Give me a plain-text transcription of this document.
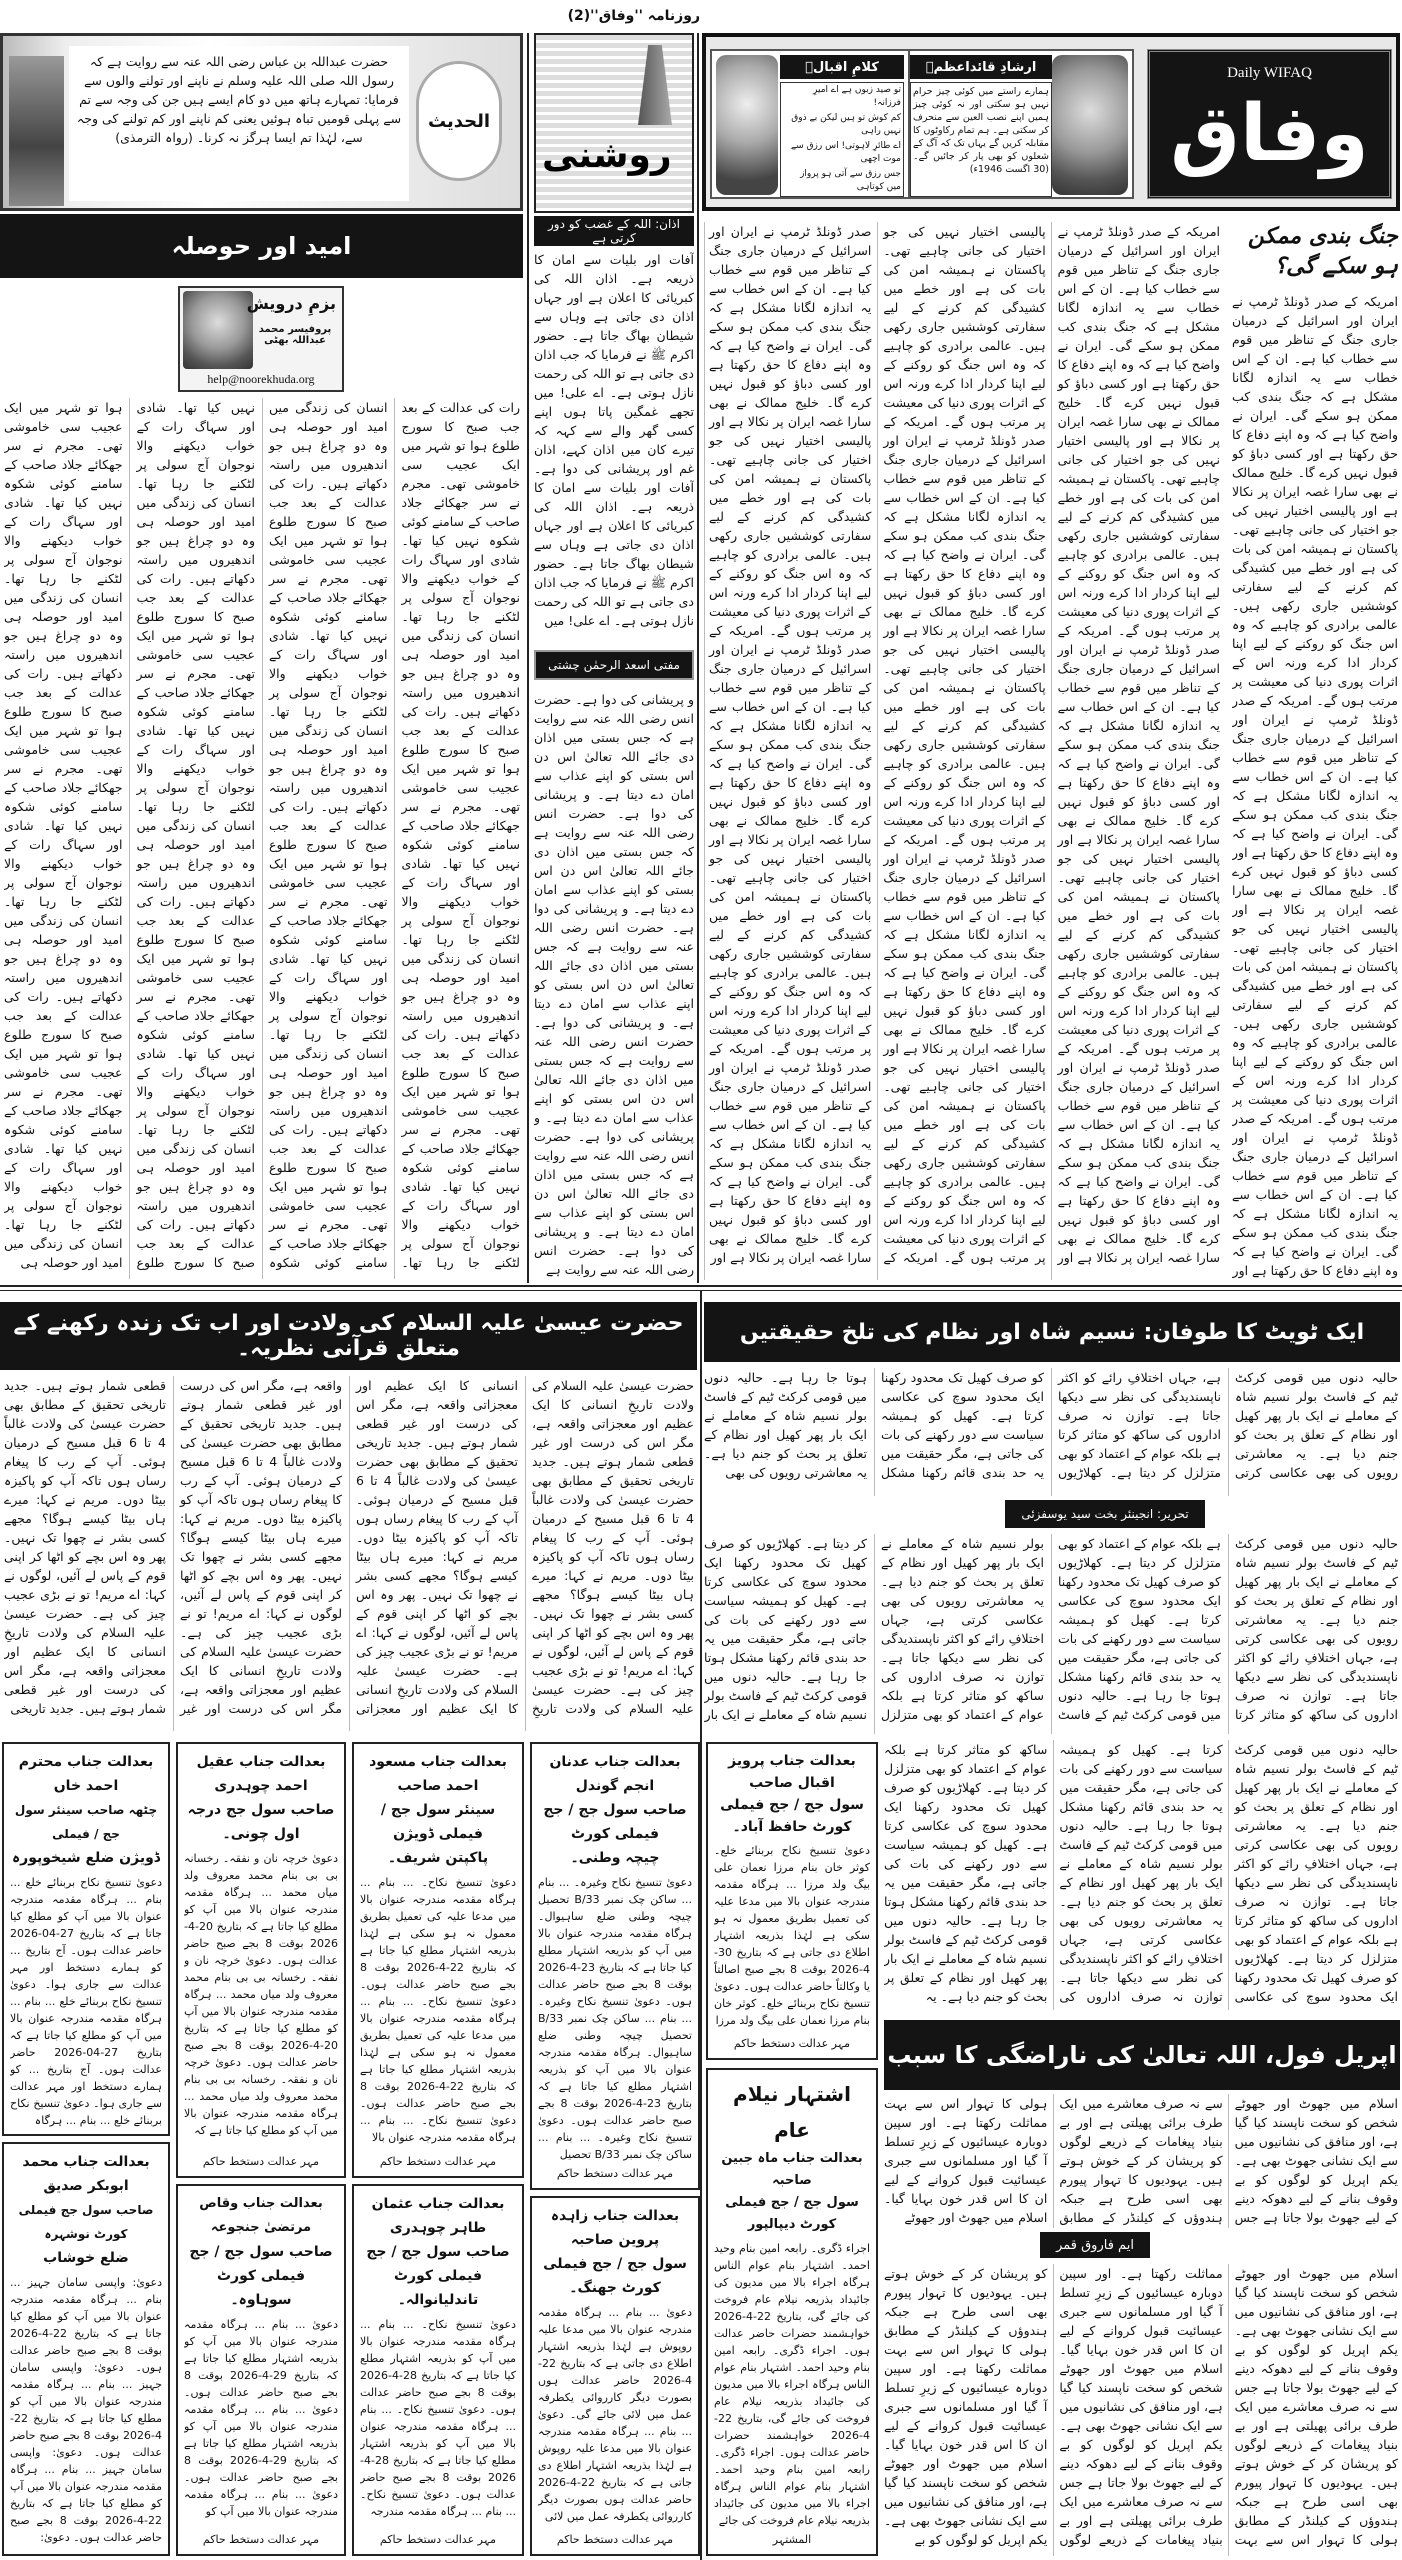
روزنامہ ''وفاق''(2)
Daily WIFAQ
وفاق
ارشادِ قائداعظمؒ
ہمارے راستے میں کوئی چیز حرام نہیں ہو سکتی اور نہ کوئی چیز ہمیں اپنے نصب العین سے منحرف کر سکتی ہے۔ ہم تمام رکاوٹوں کا مقابلہ کریں گے یہاں تک کہ آگ کے شعلوں کو بھی پار کر جائیں گے۔ (30 اگست 1946ء)
کلامِ اقبالؒ
تو صید زبوں ہے اے امیرِ فرزانہ!
کم کوش تو ہیں لیکن بے ذوق نہیں راہی
اے طائرِ لاہوتی! اس رزق سے موت اچھی
جس رزق سے آتی ہو پرواز میں کوتاہی
الحدیث
حضرت عبداللہ بن عباس رضی اللہ عنہ سے روایت ہے کہ رسول اللہ صلی اللہ علیہ وسلم نے ناپنے اور تولنے والوں سے فرمایا: تمہارے ہاتھ میں دو کام ایسے ہیں جن کی وجہ سے تم سے پہلی قومیں تباہ ہوئیں یعنی کم ناپنے اور کم تولنے کی وجہ سے، لہٰذا تم ایسا ہرگز نہ کرنا۔ (رواہ الترمذی)	روشنی
اذان: اللہ کے غضب کو دور کرتی ہے
آفات اور بلیات سے امان کا ذریعہ ہے۔ اذان اللہ کی کبریائی کا اعلان ہے اور جہاں اذان دی جاتی ہے وہاں سے شیطان بھاگ جاتا ہے۔ حضور اکرم ﷺ نے فرمایا کہ جب اذان دی جاتی ہے تو اللہ کی رحمت نازل ہوتی ہے۔ اے علی! میں تجھے غمگین پاتا ہوں اپنے کسی گھر والے سے کہہ کہ تیرے کان میں اذان کہے، اذان غم اور پریشانی کی دوا ہے۔ آفات اور بلیات سے امان کا ذریعہ ہے۔ اذان اللہ کی کبریائی کا اعلان ہے اور جہاں اذان دی جاتی ہے وہاں سے شیطان بھاگ جاتا ہے۔ حضور اکرم ﷺ نے فرمایا کہ جب اذان دی جاتی ہے تو اللہ کی رحمت نازل ہوتی ہے۔ اے علی! میں
مفتی اسعد الرحمٰن چشتی
و پریشانی کی دوا ہے۔ حضرت انس رضی اللہ عنہ سے روایت ہے کہ جس بستی میں اذان دی جائے اللہ تعالیٰ اس دن اس بستی کو اپنے عذاب سے امان دے دیتا ہے۔ و پریشانی کی دوا ہے۔ حضرت انس رضی اللہ عنہ سے روایت ہے کہ جس بستی میں اذان دی جائے اللہ تعالیٰ اس دن اس بستی کو اپنے عذاب سے امان دے دیتا ہے۔ و پریشانی کی دوا ہے۔ حضرت انس رضی اللہ عنہ سے روایت ہے کہ جس بستی میں اذان دی جائے اللہ تعالیٰ اس دن اس بستی کو اپنے عذاب سے امان دے دیتا ہے۔ و پریشانی کی دوا ہے۔ حضرت انس رضی اللہ عنہ سے روایت ہے کہ جس بستی میں اذان دی جائے اللہ تعالیٰ اس دن اس بستی کو اپنے عذاب سے امان دے دیتا ہے۔ و پریشانی کی دوا ہے۔ حضرت انس رضی اللہ عنہ سے روایت ہے کہ جس بستی میں اذان دی جائے اللہ تعالیٰ اس دن اس بستی کو اپنے عذاب سے امان دے دیتا ہے۔ و پریشانی کی دوا ہے۔ حضرت انس رضی اللہ عنہ سے روایت ہے
امید اور حوصلہ
بزمِ درویش
پروفیسر محمد عبداللہ بھٹی
help@noorekhuda.org
رات کی عدالت کے بعد جب صبح کا سورج طلوع ہوا تو شہر میں ایک عجیب سی خاموشی تھی۔ مجرم نے سر جھکائے جلاد صاحب کے سامنے کوئی شکوہ نہیں کیا تھا۔ شادی اور سہاگ رات کے خواب دیکھنے والا نوجوان آج سولی پر لٹکنے جا رہا تھا۔ انسان کی زندگی میں امید اور حوصلہ ہی وہ دو چراغ ہیں جو اندھیروں میں راستہ دکھاتے ہیں۔ رات کی عدالت کے بعد جب صبح کا سورج طلوع ہوا تو شہر میں ایک عجیب سی خاموشی تھی۔ مجرم نے سر جھکائے جلاد صاحب کے سامنے کوئی شکوہ نہیں کیا تھا۔ شادی اور سہاگ رات کے خواب دیکھنے والا نوجوان آج سولی پر لٹکنے جا رہا تھا۔ انسان کی زندگی میں امید اور حوصلہ ہی وہ دو چراغ ہیں جو اندھیروں میں راستہ دکھاتے ہیں۔ رات کی عدالت کے بعد جب صبح کا سورج طلوع ہوا تو شہر میں ایک عجیب سی خاموشی تھی۔ مجرم نے سر جھکائے جلاد صاحب کے سامنے کوئی شکوہ نہیں کیا تھا۔ شادی اور سہاگ رات کے خواب دیکھنے والا نوجوان آج سولی پر لٹکنے جا رہا تھا۔ انسان کی زندگی میں امید اور حوصلہ ہی وہ دو چراغ ہیں جو اندھیروں میں راستہ دکھاتے ہیں۔ رات کی عدالت کے بعد جب صبح کا سورج طلوع ہوا تو شہر میں ایک عجیب سی خاموشی تھی۔ مجرم نے سر جھکائے جلاد صاحب کے سامنے کوئی شکوہ نہیں کیا تھا۔ شادی اور سہاگ رات کے خواب دیکھنے والا نوجوان آج سولی پر لٹکنے جا رہا تھا۔ انسان کی زندگی میں امید اور حوصلہ ہی وہ دو چراغ ہیں جو اندھیروں میں راستہ دکھاتے ہیں۔ رات کی عدالت کے بعد جب صبح کا سورج طلوع ہوا تو شہر میں ایک عجیب سی خاموشی تھی۔ مجرم نے سر جھکائے جلاد صاحب کے سامنے کوئی شکوہ نہیں کیا تھا۔ شادی اور سہاگ رات کے خواب دیکھنے والا نوجوان آج سولی پر لٹکنے جا رہا تھا۔ انسان کی زندگی میں امید اور حوصلہ ہی وہ دو چراغ ہیں جو اندھیروں میں راستہ دکھاتے ہیں۔ رات کی عدالت کے بعد جب صبح کا سورج طلوع ہوا تو شہر میں ایک عجیب سی خاموشی تھی۔ مجرم نے سر جھکائے جلاد صاحب کے سامنے کوئی شکوہ نہیں کیا تھا۔ شادی اور سہاگ رات کے خواب دیکھنے والا نوجوان آج سولی پر لٹکنے جا رہا تھا۔ انسان کی زندگی میں امید اور حوصلہ ہی وہ دو چراغ ہیں جو اندھیروں میں راستہ دکھاتے ہیں۔ رات کی عدالت کے بعد جب صبح کا سورج طلوع ہوا تو شہر میں ایک عجیب سی خاموشی تھی۔ مجرم نے سر جھکائے جلاد صاحب کے سامنے کوئی شکوہ نہیں کیا تھا۔ شادی اور سہاگ رات کے خواب دیکھنے والا نوجوان آج سولی پر لٹکنے جا رہا تھا۔ انسان کی زندگی میں امید اور حوصلہ ہی وہ دو چراغ ہیں جو اندھیروں میں راستہ دکھاتے ہیں۔ رات کی عدالت کے بعد جب صبح کا سورج طلوع ہوا تو شہر میں ایک عجیب سی خاموشی تھی۔ مجرم نے سر جھکائے جلاد صاحب کے سامنے کوئی شکوہ نہیں کیا تھا۔ شادی اور سہاگ رات کے خواب دیکھنے والا نوجوان آج سولی پر لٹکنے جا رہا تھا۔ انسان کی زندگی میں امید اور حوصلہ ہی وہ دو چراغ ہیں جو اندھیروں میں راستہ دکھاتے ہیں۔ رات کی عدالت کے بعد جب صبح کا سورج طلوع ہوا تو شہر میں ایک عجیب سی خاموشی تھی۔ مجرم نے سر جھکائے جلاد صاحب کے سامنے کوئی شکوہ نہیں کیا تھا۔ شادی اور سہاگ رات کے خواب دیکھنے والا نوجوان آج سولی پر لٹکنے جا رہا تھا۔ انسان کی زندگی میں امید اور حوصلہ ہی وہ دو چراغ ہیں جو اندھیروں میں راستہ دکھاتے ہیں۔ رات کی عدالت کے بعد جب صبح کا سورج طلوع ہوا تو شہر میں ایک عجیب سی خاموشی تھی۔ مجرم نے سر جھکائے جلاد صاحب کے سامنے کوئی شکوہ نہیں کیا تھا۔ شادی اور سہاگ رات کے خواب دیکھنے والا نوجوان آج سولی پر لٹکنے جا رہا تھا۔ انسان کی زندگی میں امید اور حوصلہ ہی وہ دو چراغ ہیں جو اندھیروں میں راستہ دکھاتے ہیں۔ رات کی عدالت کے بعد جب صبح کا سورج طلوع ہوا تو شہر میں ایک عجیب سی خاموشی تھی۔ مجرم نے سر جھکائے جلاد صاحب کے سامنے کوئی شکوہ نہیں کیا تھا۔ شادی اور سہاگ رات کے خواب دیکھنے والا نوجوان آج سولی پر لٹکنے جا رہا تھا۔ انسان کی زندگی میں امید اور حوصلہ ہی
جنگ بندی ممکن ہو سکے گی؟
امریکہ کے صدر ڈونلڈ ٹرمپ نے ایران اور اسرائیل کے درمیان جاری جنگ کے تناظر میں قوم سے خطاب کیا ہے۔ ان کے اس خطاب سے یہ اندازہ لگانا مشکل ہے کہ جنگ بندی کب ممکن ہو سکے گی۔ ایران نے واضح کیا ہے کہ وہ اپنے دفاع کا حق رکھتا ہے اور کسی دباؤ کو قبول نہیں کرے گا۔ خلیج ممالک نے بھی سارا غصہ ایران پر نکالا ہے اور پالیسی اختیار نہیں کی جو اختیار کی جانی چاہیے تھی۔ پاکستان نے ہمیشہ امن کی بات کی ہے اور خطے میں کشیدگی کم کرنے کے لیے سفارتی کوششیں جاری رکھی ہیں۔ عالمی برادری کو چاہیے کہ وہ اس جنگ کو روکنے کے لیے اپنا کردار ادا کرے ورنہ اس کے اثرات پوری دنیا کی معیشت پر مرتب ہوں گے۔ امریکہ کے صدر ڈونلڈ ٹرمپ نے ایران اور اسرائیل کے درمیان جاری جنگ کے تناظر میں قوم سے خطاب کیا ہے۔ ان کے اس خطاب سے یہ اندازہ لگانا مشکل ہے کہ جنگ بندی کب ممکن ہو سکے گی۔ ایران نے واضح کیا ہے کہ وہ اپنے دفاع کا حق رکھتا ہے اور کسی دباؤ کو قبول نہیں کرے گا۔ خلیج ممالک نے بھی سارا غصہ ایران پر نکالا ہے اور پالیسی اختیار نہیں کی جو اختیار کی جانی چاہیے تھی۔ پاکستان نے ہمیشہ امن کی بات کی ہے اور خطے میں کشیدگی کم کرنے کے لیے سفارتی کوششیں جاری رکھی ہیں۔ عالمی برادری کو چاہیے کہ وہ اس جنگ کو روکنے کے لیے اپنا کردار ادا کرے ورنہ اس کے اثرات پوری دنیا کی معیشت پر مرتب ہوں گے۔ امریکہ کے صدر ڈونلڈ ٹرمپ نے ایران اور اسرائیل کے درمیان جاری جنگ کے تناظر میں قوم سے خطاب کیا ہے۔ ان کے اس خطاب سے یہ اندازہ لگانا مشکل ہے کہ جنگ بندی کب ممکن ہو سکے گی۔ ایران نے واضح کیا ہے کہ وہ اپنے دفاع کا حق رکھتا ہے اور
امریکہ کے صدر ڈونلڈ ٹرمپ نے ایران اور اسرائیل کے درمیان جاری جنگ کے تناظر میں قوم سے خطاب کیا ہے۔ ان کے اس خطاب سے یہ اندازہ لگانا مشکل ہے کہ جنگ بندی کب ممکن ہو سکے گی۔ ایران نے واضح کیا ہے کہ وہ اپنے دفاع کا حق رکھتا ہے اور کسی دباؤ کو قبول نہیں کرے گا۔ خلیج ممالک نے بھی سارا غصہ ایران پر نکالا ہے اور پالیسی اختیار نہیں کی جو اختیار کی جانی چاہیے تھی۔ پاکستان نے ہمیشہ امن کی بات کی ہے اور خطے میں کشیدگی کم کرنے کے لیے سفارتی کوششیں جاری رکھی ہیں۔ عالمی برادری کو چاہیے کہ وہ اس جنگ کو روکنے کے لیے اپنا کردار ادا کرے ورنہ اس کے اثرات پوری دنیا کی معیشت پر مرتب ہوں گے۔ امریکہ کے صدر ڈونلڈ ٹرمپ نے ایران اور اسرائیل کے درمیان جاری جنگ کے تناظر میں قوم سے خطاب کیا ہے۔ ان کے اس خطاب سے یہ اندازہ لگانا مشکل ہے کہ جنگ بندی کب ممکن ہو سکے گی۔ ایران نے واضح کیا ہے کہ وہ اپنے دفاع کا حق رکھتا ہے اور کسی دباؤ کو قبول نہیں کرے گا۔ خلیج ممالک نے بھی سارا غصہ ایران پر نکالا ہے اور پالیسی اختیار نہیں کی جو اختیار کی جانی چاہیے تھی۔ پاکستان نے ہمیشہ امن کی بات کی ہے اور خطے میں کشیدگی کم کرنے کے لیے سفارتی کوششیں جاری رکھی ہیں۔ عالمی برادری کو چاہیے کہ وہ اس جنگ کو روکنے کے لیے اپنا کردار ادا کرے ورنہ اس کے اثرات پوری دنیا کی معیشت پر مرتب ہوں گے۔ امریکہ کے صدر ڈونلڈ ٹرمپ نے ایران اور اسرائیل کے درمیان جاری جنگ کے تناظر میں قوم سے خطاب کیا ہے۔ ان کے اس خطاب سے یہ اندازہ لگانا مشکل ہے کہ جنگ بندی کب ممکن ہو سکے گی۔ ایران نے واضح کیا ہے کہ وہ اپنے دفاع کا حق رکھتا ہے اور کسی دباؤ کو قبول نہیں کرے گا۔ خلیج ممالک نے بھی سارا غصہ ایران پر نکالا ہے اور پالیسی اختیار نہیں کی جو اختیار کی جانی چاہیے تھی۔ پاکستان نے ہمیشہ امن کی بات کی ہے اور خطے میں کشیدگی کم کرنے کے لیے سفارتی کوششیں جاری رکھی ہیں۔ عالمی برادری کو چاہیے کہ وہ اس جنگ کو روکنے کے لیے اپنا کردار ادا کرے ورنہ اس کے اثرات پوری دنیا کی معیشت پر مرتب ہوں گے۔ امریکہ کے صدر ڈونلڈ ٹرمپ نے ایران اور اسرائیل کے درمیان جاری جنگ کے تناظر میں قوم سے خطاب کیا ہے۔ ان کے اس خطاب سے یہ اندازہ لگانا مشکل ہے کہ جنگ بندی کب ممکن ہو سکے گی۔ ایران نے واضح کیا ہے کہ وہ اپنے دفاع کا حق رکھتا ہے اور کسی دباؤ کو قبول نہیں کرے گا۔ خلیج ممالک نے بھی سارا غصہ ایران پر نکالا ہے اور پالیسی اختیار نہیں کی جو اختیار کی جانی چاہیے تھی۔ پاکستان نے ہمیشہ امن کی بات کی ہے اور خطے میں کشیدگی کم کرنے کے لیے سفارتی کوششیں جاری رکھی ہیں۔ عالمی برادری کو چاہیے کہ وہ اس جنگ کو روکنے کے لیے اپنا کردار ادا کرے ورنہ اس کے اثرات پوری دنیا کی معیشت پر مرتب ہوں گے۔ امریکہ کے صدر ڈونلڈ ٹرمپ نے ایران اور اسرائیل کے درمیان جاری جنگ کے تناظر میں قوم سے خطاب کیا ہے۔ ان کے اس خطاب سے یہ اندازہ لگانا مشکل ہے کہ جنگ بندی کب ممکن ہو سکے گی۔ ایران نے واضح کیا ہے کہ وہ اپنے دفاع کا حق رکھتا ہے اور کسی دباؤ کو قبول نہیں کرے گا۔ خلیج ممالک نے بھی سارا غصہ ایران پر نکالا ہے اور پالیسی اختیار نہیں کی جو اختیار کی جانی چاہیے تھی۔ پاکستان نے ہمیشہ امن کی بات کی ہے اور خطے میں کشیدگی کم کرنے کے لیے سفارتی کوششیں جاری رکھی ہیں۔ عالمی برادری کو چاہیے کہ وہ اس جنگ کو روکنے کے لیے اپنا کردار ادا کرے ورنہ اس کے اثرات پوری دنیا کی معیشت پر مرتب ہوں گے۔ امریکہ کے صدر ڈونلڈ ٹرمپ نے ایران اور اسرائیل کے درمیان جاری جنگ کے تناظر میں قوم سے خطاب کیا ہے۔ ان کے اس خطاب سے یہ اندازہ لگانا مشکل ہے کہ جنگ بندی کب ممکن ہو سکے گی۔ ایران نے واضح کیا ہے کہ وہ اپنے دفاع کا حق رکھتا ہے اور کسی دباؤ کو قبول نہیں کرے گا۔ خلیج ممالک نے بھی سارا غصہ ایران پر نکالا ہے اور پالیسی اختیار نہیں کی جو اختیار کی جانی چاہیے تھی۔ پاکستان نے ہمیشہ امن کی بات کی ہے اور خطے میں کشیدگی کم کرنے کے لیے سفارتی کوششیں جاری رکھی ہیں۔ عالمی برادری کو چاہیے کہ وہ اس جنگ کو روکنے کے لیے اپنا کردار ادا کرے ورنہ اس کے اثرات پوری دنیا کی معیشت پر مرتب ہوں گے۔ امریکہ کے صدر ڈونلڈ ٹرمپ نے ایران اور اسرائیل کے درمیان جاری جنگ کے تناظر میں قوم سے خطاب کیا ہے۔ ان کے اس خطاب سے یہ اندازہ لگانا مشکل ہے کہ جنگ بندی کب ممکن ہو سکے گی۔ ایران نے واضح کیا ہے کہ وہ اپنے دفاع کا حق رکھتا ہے اور کسی دباؤ کو قبول نہیں کرے گا۔ خلیج ممالک نے بھی سارا غصہ ایران پر نکالا ہے اور پالیسی اختیار نہیں کی جو اختیار کی جانی چاہیے تھی۔ پاکستان نے ہمیشہ امن کی بات کی ہے اور خطے میں کشیدگی کم کرنے کے لیے سفارتی کوششیں جاری رکھی ہیں۔ عالمی برادری کو چاہیے کہ وہ اس جنگ کو روکنے کے لیے اپنا کردار ادا کرے ورنہ اس کے اثرات پوری دنیا کی معیشت پر مرتب ہوں گے۔ امریکہ کے صدر ڈونلڈ ٹرمپ نے ایران اور اسرائیل کے درمیان جاری جنگ کے تناظر میں قوم سے خطاب کیا ہے۔ ان کے اس خطاب سے یہ اندازہ لگانا مشکل ہے کہ جنگ بندی کب ممکن ہو سکے گی۔ ایران نے واضح کیا ہے کہ وہ اپنے دفاع کا حق رکھتا ہے اور کسی دباؤ کو قبول نہیں کرے گا۔ خلیج ممالک نے بھی سارا غصہ ایران پر نکالا ہے اور
حضرت عیسیٰ علیہ السلام کی ولادت اور اب تک زندہ رکھنے کے متعلق قرآنی نظریہ۔
حضرت عیسیٰ علیہ السلام کی ولادت تاریخِ انسانی کا ایک عظیم اور معجزاتی واقعہ ہے، مگر اس کی درست اور غیر قطعی شمار ہوتے ہیں۔ جدید تاریخی تحقیق کے مطابق بھی حضرت عیسیٰ کی ولادت غالباً 4 تا 6 قبل مسیح کے درمیان ہوئی۔ آپ کے رب کا پیغام رساں ہوں تاکہ آپ کو پاکیزہ بیٹا دوں۔ مریم نے کہا: میرے ہاں بیٹا کیسے ہوگا؟ مجھے کسی بشر نے چھوا تک نہیں۔ پھر وہ اس بچے کو اٹھا کر اپنی قوم کے پاس لے آئیں، لوگوں نے کہا: اے مریم! تو نے بڑی عجیب چیز کی ہے۔ حضرت عیسیٰ علیہ السلام کی ولادت تاریخِ انسانی کا ایک عظیم اور معجزاتی واقعہ ہے، مگر اس کی درست اور غیر قطعی شمار ہوتے ہیں۔ جدید تاریخی تحقیق کے مطابق بھی حضرت عیسیٰ کی ولادت غالباً 4 تا 6 قبل مسیح کے درمیان ہوئی۔ آپ کے رب کا پیغام رساں ہوں تاکہ آپ کو پاکیزہ بیٹا دوں۔ مریم نے کہا: میرے ہاں بیٹا کیسے ہوگا؟ مجھے کسی بشر نے چھوا تک نہیں۔ پھر وہ اس بچے کو اٹھا کر اپنی قوم کے پاس لے آئیں، لوگوں نے کہا: اے مریم! تو نے بڑی عجیب چیز کی ہے۔ حضرت عیسیٰ علیہ السلام کی ولادت تاریخِ انسانی کا ایک عظیم اور معجزاتی واقعہ ہے، مگر اس کی درست اور غیر قطعی شمار ہوتے ہیں۔ جدید تاریخی تحقیق کے مطابق بھی حضرت عیسیٰ کی ولادت غالباً 4 تا 6 قبل مسیح کے درمیان ہوئی۔ آپ کے رب کا پیغام رساں ہوں تاکہ آپ کو پاکیزہ بیٹا دوں۔ مریم نے کہا: میرے ہاں بیٹا کیسے ہوگا؟ مجھے کسی بشر نے چھوا تک نہیں۔ پھر وہ اس بچے کو اٹھا کر اپنی قوم کے پاس لے آئیں، لوگوں نے کہا: اے مریم! تو نے بڑی عجیب چیز کی ہے۔ حضرت عیسیٰ علیہ السلام کی ولادت تاریخِ انسانی کا ایک عظیم اور معجزاتی واقعہ ہے، مگر اس کی درست اور غیر قطعی شمار ہوتے ہیں۔ جدید تاریخی تحقیق کے مطابق بھی حضرت عیسیٰ کی ولادت غالباً 4 تا 6 قبل مسیح کے درمیان ہوئی۔ آپ کے رب کا پیغام رساں ہوں تاکہ آپ کو پاکیزہ بیٹا دوں۔ مریم نے کہا: میرے ہاں بیٹا کیسے ہوگا؟ مجھے کسی بشر نے چھوا تک نہیں۔ پھر وہ اس بچے کو اٹھا کر اپنی قوم کے پاس لے آئیں، لوگوں نے کہا: اے مریم! تو نے بڑی عجیب چیز کی ہے۔ حضرت عیسیٰ علیہ السلام کی ولادت تاریخِ انسانی کا ایک عظیم اور معجزاتی واقعہ ہے، مگر اس کی درست اور غیر قطعی شمار ہوتے ہیں۔ جدید تاریخی
ایک ٹویٹ کا طوفان: نسیم شاہ اور نظام کی تلخ حقیقتیں
حالیہ دنوں میں قومی کرکٹ ٹیم کے فاسٹ بولر نسیم شاہ کے معاملے نے ایک بار پھر کھیل اور نظام کے تعلق پر بحث کو جنم دیا ہے۔ یہ معاشرتی رویوں کی بھی عکاسی کرتی ہے، جہاں اختلافِ رائے کو اکثر ناپسندیدگی کی نظر سے دیکھا جاتا ہے۔ توازن نہ صرف اداروں کی ساکھ کو متاثر کرتا ہے بلکہ عوام کے اعتماد کو بھی متزلزل کر دیتا ہے۔ کھلاڑیوں کو صرف کھیل تک محدود رکھنا ایک محدود سوچ کی عکاسی کرتا ہے۔ کھیل کو ہمیشہ سیاست سے دور رکھنے کی بات کی جاتی ہے، مگر حقیقت میں یہ حد بندی قائم رکھنا مشکل ہوتا جا رہا ہے۔ حالیہ دنوں میں قومی کرکٹ ٹیم کے فاسٹ بولر نسیم شاہ کے معاملے نے ایک بار پھر کھیل اور نظام کے تعلق پر بحث کو جنم دیا ہے۔ یہ معاشرتی رویوں کی بھی
تحریر: انجینئر بخت سید یوسفزئی
حالیہ دنوں میں قومی کرکٹ ٹیم کے فاسٹ بولر نسیم شاہ کے معاملے نے ایک بار پھر کھیل اور نظام کے تعلق پر بحث کو جنم دیا ہے۔ یہ معاشرتی رویوں کی بھی عکاسی کرتی ہے، جہاں اختلافِ رائے کو اکثر ناپسندیدگی کی نظر سے دیکھا جاتا ہے۔ توازن نہ صرف اداروں کی ساکھ کو متاثر کرتا ہے بلکہ عوام کے اعتماد کو بھی متزلزل کر دیتا ہے۔ کھلاڑیوں کو صرف کھیل تک محدود رکھنا ایک محدود سوچ کی عکاسی کرتا ہے۔ کھیل کو ہمیشہ سیاست سے دور رکھنے کی بات کی جاتی ہے، مگر حقیقت میں یہ حد بندی قائم رکھنا مشکل ہوتا جا رہا ہے۔ حالیہ دنوں میں قومی کرکٹ ٹیم کے فاسٹ بولر نسیم شاہ کے معاملے نے ایک بار پھر کھیل اور نظام کے تعلق پر بحث کو جنم دیا ہے۔ یہ معاشرتی رویوں کی بھی عکاسی کرتی ہے، جہاں اختلافِ رائے کو اکثر ناپسندیدگی کی نظر سے دیکھا جاتا ہے۔ توازن نہ صرف اداروں کی ساکھ کو متاثر کرتا ہے بلکہ عوام کے اعتماد کو بھی متزلزل کر دیتا ہے۔ کھلاڑیوں کو صرف کھیل تک محدود رکھنا ایک محدود سوچ کی عکاسی کرتا ہے۔ کھیل کو ہمیشہ سیاست سے دور رکھنے کی بات کی جاتی ہے، مگر حقیقت میں یہ حد بندی قائم رکھنا مشکل ہوتا جا رہا ہے۔ حالیہ دنوں میں قومی کرکٹ ٹیم کے فاسٹ بولر نسیم شاہ کے معاملے نے ایک بار
حالیہ دنوں میں قومی کرکٹ ٹیم کے فاسٹ بولر نسیم شاہ کے معاملے نے ایک بار پھر کھیل اور نظام کے تعلق پر بحث کو جنم دیا ہے۔ یہ معاشرتی رویوں کی بھی عکاسی کرتی ہے، جہاں اختلافِ رائے کو اکثر ناپسندیدگی کی نظر سے دیکھا جاتا ہے۔ توازن نہ صرف اداروں کی ساکھ کو متاثر کرتا ہے بلکہ عوام کے اعتماد کو بھی متزلزل کر دیتا ہے۔ کھلاڑیوں کو صرف کھیل تک محدود رکھنا ایک محدود سوچ کی عکاسی کرتا ہے۔ کھیل کو ہمیشہ سیاست سے دور رکھنے کی بات کی جاتی ہے، مگر حقیقت میں یہ حد بندی قائم رکھنا مشکل ہوتا جا رہا ہے۔ حالیہ دنوں میں قومی کرکٹ ٹیم کے فاسٹ بولر نسیم شاہ کے معاملے نے ایک بار پھر کھیل اور نظام کے تعلق پر بحث کو جنم دیا ہے۔ یہ معاشرتی رویوں کی بھی عکاسی کرتی ہے، جہاں اختلافِ رائے کو اکثر ناپسندیدگی کی نظر سے دیکھا جاتا ہے۔ توازن نہ صرف اداروں کی ساکھ کو متاثر کرتا ہے بلکہ عوام کے اعتماد کو بھی متزلزل کر دیتا ہے۔ کھلاڑیوں کو صرف کھیل تک محدود رکھنا ایک محدود سوچ کی عکاسی کرتا ہے۔ کھیل کو ہمیشہ سیاست سے دور رکھنے کی بات کی جاتی ہے، مگر حقیقت میں یہ حد بندی قائم رکھنا مشکل ہوتا جا رہا ہے۔ حالیہ دنوں میں قومی کرکٹ ٹیم کے فاسٹ بولر نسیم شاہ کے معاملے نے ایک بار پھر کھیل اور نظام کے تعلق پر بحث کو جنم دیا ہے۔ یہ
اپریل فول، اللہ تعالیٰ کی ناراضگی کا سبب
اسلام میں جھوٹ اور جھوٹے شخص کو سخت ناپسند کیا گیا ہے، اور منافق کی نشانیوں میں سے ایک نشانی جھوٹ بھی ہے۔ یکم اپریل کو لوگوں کو بے وقوف بنانے کے لیے دھوکہ دینے کے لیے جھوٹ بولا جاتا ہے جس سے نہ صرف معاشرے میں ایک طرف برائی پھیلتی ہے اور بے بنیاد پیغامات کے ذریعے لوگوں کو پریشان کر کے خوش ہوتے ہیں۔ یہودیوں کا تہوار پیورم بھی اسی طرح ہے جبکہ ہندوؤں کے کیلنڈر کے مطابق ہولی کا تہوار اس سے بہت مماثلت رکھتا ہے۔ اور سپین دوبارہ عیسائیوں کے زیرِ تسلط آ گیا اور مسلمانوں سے جبری عیسائیت قبول کروانے کے لیے ان کا اس قدر خون بہایا گیا۔ اسلام میں جھوٹ اور جھوٹے
ایم فاروق قمر
اسلام میں جھوٹ اور جھوٹے شخص کو سخت ناپسند کیا گیا ہے، اور منافق کی نشانیوں میں سے ایک نشانی جھوٹ بھی ہے۔ یکم اپریل کو لوگوں کو بے وقوف بنانے کے لیے دھوکہ دینے کے لیے جھوٹ بولا جاتا ہے جس سے نہ صرف معاشرے میں ایک طرف برائی پھیلتی ہے اور بے بنیاد پیغامات کے ذریعے لوگوں کو پریشان کر کے خوش ہوتے ہیں۔ یہودیوں کا تہوار پیورم بھی اسی طرح ہے جبکہ ہندوؤں کے کیلنڈر کے مطابق ہولی کا تہوار اس سے بہت مماثلت رکھتا ہے۔ اور سپین دوبارہ عیسائیوں کے زیرِ تسلط آ گیا اور مسلمانوں سے جبری عیسائیت قبول کروانے کے لیے ان کا اس قدر خون بہایا گیا۔ اسلام میں جھوٹ اور جھوٹے شخص کو سخت ناپسند کیا گیا ہے، اور منافق کی نشانیوں میں سے ایک نشانی جھوٹ بھی ہے۔ یکم اپریل کو لوگوں کو بے وقوف بنانے کے لیے دھوکہ دینے کے لیے جھوٹ بولا جاتا ہے جس سے نہ صرف معاشرے میں ایک طرف برائی پھیلتی ہے اور بے بنیاد پیغامات کے ذریعے لوگوں کو پریشان کر کے خوش ہوتے ہیں۔ یہودیوں کا تہوار پیورم بھی اسی طرح ہے جبکہ ہندوؤں کے کیلنڈر کے مطابق ہولی کا تہوار اس سے بہت مماثلت رکھتا ہے۔ اور سپین دوبارہ عیسائیوں کے زیرِ تسلط آ گیا اور مسلمانوں سے جبری عیسائیت قبول کروانے کے لیے ان کا اس قدر خون بہایا گیا۔ اسلام میں جھوٹ اور جھوٹے شخص کو سخت ناپسند کیا گیا ہے، اور منافق کی نشانیوں میں سے ایک نشانی جھوٹ بھی ہے۔ یکم اپریل کو لوگوں کو بے
بعدالت جناب پرویز اقبال صاحب
سول جج / جج فیملی کورٹ حافظ آباد۔
دعویٰ تنسیخ نکاح بربنائے خلع۔ کوثر خان بنام مرزا نعمان علی بیگ ولد مرزا ... ہرگاہ مقدمہ مندرجہ عنوان بالا میں مدعا علیہ کی تعمیل بطریق معمول نہ ہو سکی ہے لہٰذا بذریعہ اشتہار اطلاع دی جاتی ہے کہ بتاریخ 30-4-2026 بوقت 8 بجے صبح اصالتاً یا وکالتاً حاضر عدالت ہوں۔ دعویٰ تنسیخ نکاح بربنائے خلع۔ کوثر خان بنام مرزا نعمان علی بیگ ولد مرزا
مہر عدالت دستخط حاکم
اشتہار نیلام عام
بعدالت جناب ماہ جبین صاحبہ
سول جج / جج فیملی کورٹ دیپالپور
اجراء ڈگری۔ رابعہ امین بنام وحید احمد۔ اشتہار بنام عوام الناس ہرگاہ اجراء بالا میں مدیون کی جائیداد بذریعہ نیلام عام فروخت کی جائے گی، بتاریخ 22-4-2026 خواہشمند حضرات حاضر عدالت ہوں۔ اجراء ڈگری۔ رابعہ امین بنام وحید احمد۔ اشتہار بنام عوام الناس ہرگاہ اجراء بالا میں مدیون کی جائیداد بذریعہ نیلام عام فروخت کی جائے گی، بتاریخ 22-4-2026 خواہشمند حضرات حاضر عدالت ہوں۔ اجراء ڈگری۔ رابعہ امین بنام وحید احمد۔ اشتہار بنام عوام الناس ہرگاہ اجراء بالا میں مدیون کی جائیداد بذریعہ نیلام عام فروخت کی جائے
المشتہر
بعدالت جناب عدنان انجم گوندل
صاحب سول جج / جج فیملی کورٹ
چیچہ وطنی۔
دعویٰ تنسیخ نکاح وغیرہ۔ ... بنام ... ساکن چک نمبر 33/B تحصیل چیچہ وطنی ضلع ساہیوال۔ ہرگاہ مقدمہ مندرجہ عنوان بالا میں آپ کو بذریعہ اشتہار مطلع کیا جاتا ہے کہ بتاریخ 23-4-2026 بوقت 8 بجے صبح حاضر عدالت ہوں۔ دعویٰ تنسیخ نکاح وغیرہ۔ ... بنام ... ساکن چک نمبر 33/B تحصیل چیچہ وطنی ضلع ساہیوال۔ ہرگاہ مقدمہ مندرجہ عنوان بالا میں آپ کو بذریعہ اشتہار مطلع کیا جاتا ہے کہ بتاریخ 23-4-2026 بوقت 8 بجے صبح حاضر عدالت ہوں۔ دعویٰ تنسیخ نکاح وغیرہ۔ ... بنام ... ساکن چک نمبر 33/B تحصیل
مہر عدالت دستخط حاکم
بعدالت جناب زاہدہ پروین صاحبہ
سول جج / جج فیملی کورٹ جھنگ۔
دعویٰ ... بنام ... ہرگاہ مقدمہ مندرجہ عنوان بالا میں مدعا علیہ روپوش ہے لہٰذا بذریعہ اشتہار اطلاع دی جاتی ہے کہ بتاریخ 22-4-2026 حاضر عدالت ہوں بصورت دیگر کارروائی یکطرفہ عمل میں لائی جائے گی۔ دعویٰ ... بنام ... ہرگاہ مقدمہ مندرجہ عنوان بالا میں مدعا علیہ روپوش ہے لہٰذا بذریعہ اشتہار اطلاع دی جاتی ہے کہ بتاریخ 22-4-2026 حاضر عدالت ہوں بصورت دیگر کارروائی یکطرفہ عمل میں لائی
مہر عدالت دستخط حاکم
بعدالت جناب مسعود احمد صاحب
سینئر سول جج / فیملی ڈویژن
پاکپتن شریف۔
دعویٰ تنسیخ نکاح۔ ... بنام ... ہرگاہ مقدمہ مندرجہ عنوان بالا میں مدعا علیہ کی تعمیل بطریق معمول نہ ہو سکی ہے لہٰذا بذریعہ اشتہار مطلع کیا جاتا ہے کہ بتاریخ 22-4-2026 بوقت 8 بجے صبح حاضر عدالت ہوں۔ دعویٰ تنسیخ نکاح۔ ... بنام ... ہرگاہ مقدمہ مندرجہ عنوان بالا میں مدعا علیہ کی تعمیل بطریق معمول نہ ہو سکی ہے لہٰذا بذریعہ اشتہار مطلع کیا جاتا ہے کہ بتاریخ 22-4-2026 بوقت 8 بجے صبح حاضر عدالت ہوں۔ دعویٰ تنسیخ نکاح۔ ... بنام ... ہرگاہ مقدمہ مندرجہ عنوان بالا
مہر عدالت دستخط حاکم
بعدالت جناب عثمان طاہر چوہدری
صاحب سول جج / جج فیملی کورٹ
تاندلیانوالہ۔
دعویٰ تنسیخ نکاح۔ ... بنام ... ہرگاہ مقدمہ مندرجہ عنوان بالا میں آپ کو بذریعہ اشتہار مطلع کیا جاتا ہے کہ بتاریخ 28-4-2026 بوقت 8 بجے صبح حاضر عدالت ہوں۔ دعویٰ تنسیخ نکاح۔ ... بنام ... ہرگاہ مقدمہ مندرجہ عنوان بالا میں آپ کو بذریعہ اشتہار مطلع کیا جاتا ہے کہ بتاریخ 28-4-2026 بوقت 8 بجے صبح حاضر عدالت ہوں۔ دعویٰ تنسیخ نکاح۔ ... بنام ... ہرگاہ مقدمہ مندرجہ
مہر عدالت دستخط حاکم
بعدالت جناب عقیل احمد چوہدری
صاحب سول جج درجہ اول چونی۔
دعویٰ خرچہ نان و نفقہ۔ رخسانہ بی بی بنام محمد معروف ولد میاں محمد ... ہرگاہ مقدمہ مندرجہ عنوان بالا میں آپ کو مطلع کیا جاتا ہے کہ بتاریخ 20-4-2026 بوقت 8 بجے صبح حاضر عدالت ہوں۔ دعویٰ خرچہ نان و نفقہ۔ رخسانہ بی بی بنام محمد معروف ولد میاں محمد ... ہرگاہ مقدمہ مندرجہ عنوان بالا میں آپ کو مطلع کیا جاتا ہے کہ بتاریخ 20-4-2026 بوقت 8 بجے صبح حاضر عدالت ہوں۔ دعویٰ خرچہ نان و نفقہ۔ رخسانہ بی بی بنام محمد معروف ولد میاں محمد ... ہرگاہ مقدمہ مندرجہ عنوان بالا میں آپ کو مطلع کیا جاتا ہے کہ
مہر عدالت دستخط حاکم
بعدالت جناب وقاص مرتضیٰ جنجوعہ
صاحب سول جج / جج فیملی کورٹ
سوہاوہ۔
دعویٰ ... بنام ... ہرگاہ مقدمہ مندرجہ عنوان بالا میں آپ کو بذریعہ اشتہار مطلع کیا جاتا ہے کہ بتاریخ 29-4-2026 بوقت 8 بجے صبح حاضر عدالت ہوں۔ دعویٰ ... بنام ... ہرگاہ مقدمہ مندرجہ عنوان بالا میں آپ کو بذریعہ اشتہار مطلع کیا جاتا ہے کہ بتاریخ 29-4-2026 بوقت 8 بجے صبح حاضر عدالت ہوں۔ دعویٰ ... بنام ... ہرگاہ مقدمہ مندرجہ عنوان بالا میں آپ کو
مہر عدالت دستخط حاکم
بعدالت جناب محترم احمد خاں
چٹھہ صاحب سینئر سول جج / فیملی
ڈویژن ضلع شیخوپورہ
دعویٰ تنسیخ نکاح بربنائے خلع ... بنام ... ہرگاہ مقدمہ مندرجہ عنوان بالا میں آپ کو مطلع کیا جاتا ہے کہ بتاریخ 27-04-2026 حاضر عدالت ہوں۔ آج بتاریخ ... کو ہمارے دستخط اور مہر عدالت سے جاری ہوا۔ دعویٰ تنسیخ نکاح بربنائے خلع ... بنام ... ہرگاہ مقدمہ مندرجہ عنوان بالا میں آپ کو مطلع کیا جاتا ہے کہ بتاریخ 27-04-2026 حاضر عدالت ہوں۔ آج بتاریخ ... کو ہمارے دستخط اور مہر عدالت سے جاری ہوا۔ دعویٰ تنسیخ نکاح بربنائے خلع ... بنام ... ہرگاہ
بعدالت جناب محمد ابوبکر صدیق
صاحب سول جج فیملی کورٹ نوشہرہ
ضلع خوشاب
دعویٰ: واپسی سامان جہیز ... بنام ... ہرگاہ مقدمہ مندرجہ عنوان بالا میں آپ کو مطلع کیا جاتا ہے کہ بتاریخ 22-4-2026 بوقت 8 بجے صبح حاضر عدالت ہوں۔ دعویٰ: واپسی سامان جہیز ... بنام ... ہرگاہ مقدمہ مندرجہ عنوان بالا میں آپ کو مطلع کیا جاتا ہے کہ بتاریخ 22-4-2026 بوقت 8 بجے صبح حاضر عدالت ہوں۔ دعویٰ: واپسی سامان جہیز ... بنام ... ہرگاہ مقدمہ مندرجہ عنوان بالا میں آپ کو مطلع کیا جاتا ہے کہ بتاریخ 22-4-2026 بوقت 8 بجے صبح حاضر عدالت ہوں۔ دعویٰ:
